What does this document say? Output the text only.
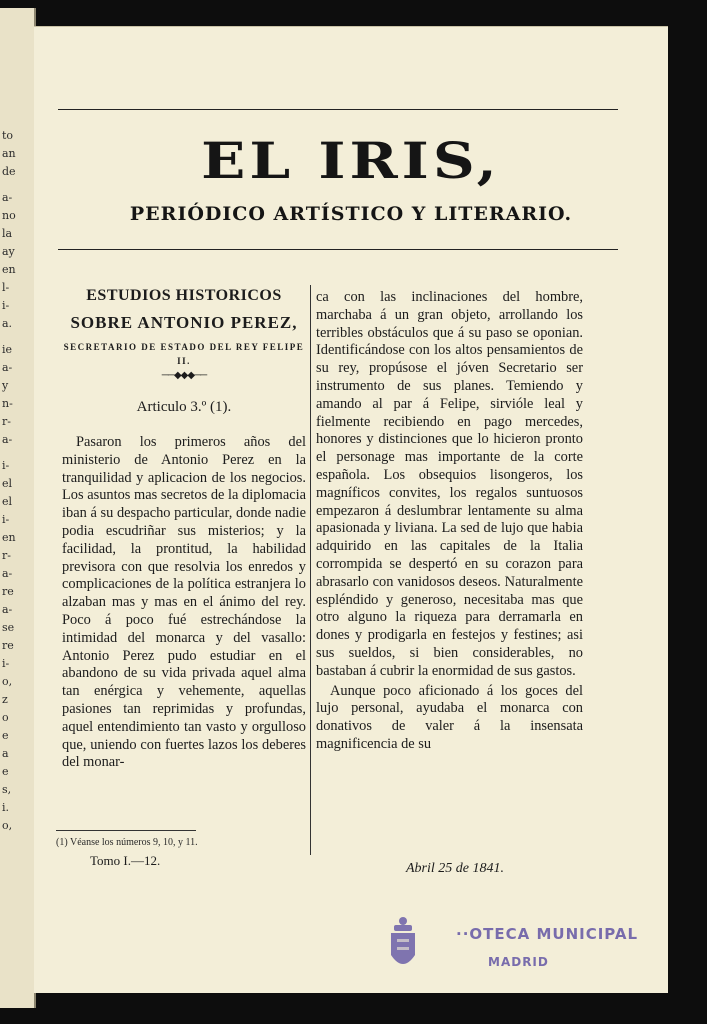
to
an
de
a-
no
la
ay
en
l-
i-
a.
ie
a-
y
n-
r-
a-
i-
el
el
i-
en
r-
a-
re
a-
se
re
i-
o,
z
o
e
a
e
s,
i.
o,
EL IRIS,
PERIÓDICO ARTÍSTICO Y LITERARIO.
ESTUDIOS HISTORICOS
SOBRE ANTONIO PEREZ,
SECRETARIO DE ESTADO DEL REY FELIPE II.
──◆◆◆──
Articulo 3.º (1).

Pasaron los primeros años del ministerio de Antonio Perez en la tranquilidad y aplicacion de los negocios. Los asuntos mas secretos de la diplomacia iban á su despacho particular, donde nadie podia escudriñar sus misterios; y la facilidad, la prontitud, la habilidad previsora con que resolvia los enredos y complicaciones de la política estranjera lo alzaban mas y mas en el ánimo del rey. Poco á poco fué estrechándose la intimidad del monarca y del vasallo: Antonio Perez pudo estudiar en el abandono de su vida privada aquel alma tan enérgica y vehemente, aquellas pasiones tan reprimidas y profundas, aquel entendimiento tan vasto y orgulloso que, uniendo con fuertes lazos los deberes del monar-

ca con las inclinaciones del hombre, marchaba á un gran objeto, arrollando los terribles obstáculos que á su paso se oponian. Identificándose con los altos pensamientos de su rey, propúsose el jóven Secretario ser instrumento de sus planes. Temiendo y amando al par á Felipe, sirvióle leal y fielmente recibiendo en pago mercedes, honores y distinciones que lo hicieron pronto el personage mas importante de la corte española. Los obsequios lisongeros, los magníficos convites, los regalos suntuosos empezaron á deslumbrar lentamente su alma apasionada y liviana. La sed de lujo que habia adquirido en las capitales de la Italia corrompida se despertó en su corazon para abrasarlo con vanidosos deseos. Naturalmente espléndido y generoso, necesitaba mas que otro alguno la riqueza para derramarla en dones y prodigarla en festejos y festines; asi sus sueldos, si bien considerables, no bastaban á cubrir la enormidad de sus gastos.

Aunque poco aficionado á los goces del lujo personal, ayudaba el monarca con donativos de valer á la insensata magnificencia de su

(1) Véanse los números 9, 10, y 11.
Tomo I.—12.
Abril 25 de 1841.
··OTECA MUNICIPAL
MADRID
